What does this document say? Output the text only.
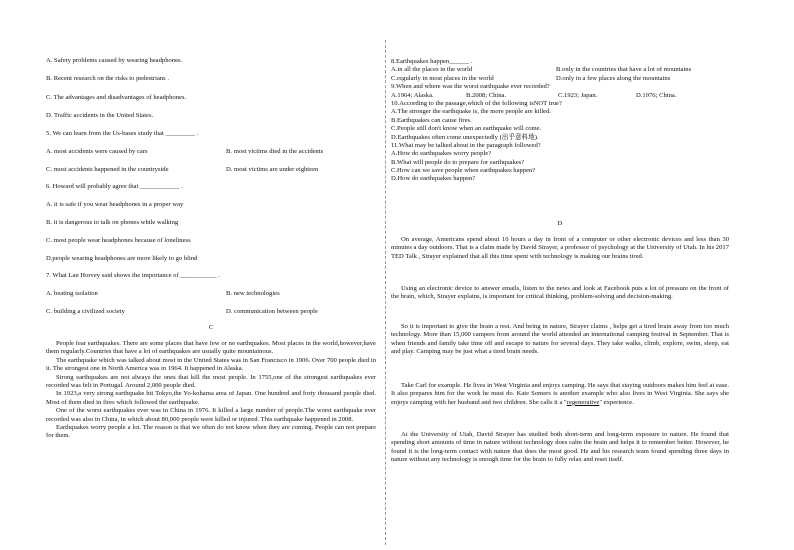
A. Safety problems caused by wearing headphones.
B. Recent research on the risks to pedestrians .
C. The advantages and disadvantages of headphones.
D. Traffic accidents in the United States.
5. We can learn from the Us-bases study that _________ .
A. most accidents were caused by cars	B. most victims died in the accidents
C. most accidents happened in the countryside	D. most victims are under eighteen
6. Howard will probably agree that ____________ .
A. it is safe if you wear headphones in a proper way
B. it is dangerous to talk on phones while walking
C. most people wear headphones because of loneliness
D.people wearing headphones are more likely to go blind
7. What Lan Horvey said shows the importance of ___________ .
A. beating isolation	B. new technologies
C. building a civilized society	D. communication between people
C
People fear earthquakes. There are some places that have few or no earthquakes. Most places in the world,however,have them regularly.Countries that have a lot of earthquakes are usually quite mountainous.
The earthquake which was talked about most in the United States was in San Francisco in 1906. Over 700 people died in it. The strongest one in North America was in 1964. It happened in Alaska.
Strong earthquakes are not always the ones that kill the most people. In 1755,one of the strongest earthquakes ever recorded was felt in Portugal. Around 2,000 people died.
In 1923,a very strong earthquake hit Tokyo,the Yo-kohama area of Japan. One hundred and forty thousand people died. Most of them died in fires which followed the earthquake.
One of the worst earthquakes ever was in China in 1976. It killed a large number of people.The worst earthquake ever recorded was also in China, in which about 80,000 people were killed or injured. This earthquake happened in 2008.
Earthquakes worry people a lot. The reason is that we often do not know when they are coming. People can not prepare for them.
8.Earthquakes happen______ .
A.in all the places in the world	B.only in the countries that have a lot of mountains
C.regularly in most places in the world	D.only in a few places along the mountains
9.When and where was the worst earthquake ever recorded?
A.1964; Alaska.	B.2008; China.	C.1923; Japan.	D.1976; China.
10.According to the passage,which of the following isNOT true?
A.The stronger the earthquake is, the more people are killed.
B.Earthquakes can cause fires.
C.People still don't know when an earthquake will come.
D.Earthquakes often come unexpectedly (出乎意料地).
11.What may be talked about in the paragraph followed?
A.How do earthquakes worry people?
B.What will people do to prepare for earthquakes?
C.How can we save people when earthquakes happen?
D.How do earthquakes happen?
D
On average, Americans spend about 10 hours a day in front of a computer or other electronic devices and less than 30 minutes a day outdoors. That is a claim made by David Strayer, a professor of psychology at the University of Utah. In his 2017 TED Talk , Strayer explained that all this time spent with technology is making our brains tired.
Using an electronic device to answer emails, listen to the news and look at Facebook puts a lot of pressure on the front of the brain, which, Strayer explains, is important for critical thinking, problem-solving and decision-making.
So it is important to give the brain a rest. And being in nature, Strayer claims , helps get a tired brain away from too much technology. More than 15,000 campers from around the world attended an international camping festival in September. That is when friends and family take time off and escape to nature for several days. They take walks, climb, explore, swim, sleep, eat and play. Camping may be just what a tired brain needs.
Take Carl for example. He lives in West Virginia and enjoys camping. He says that staying outdoors makes him feel at ease. It also prepares him for the work he must do. Kate Somers is another example who also lives in West Virginia. She says she enjoys camping with her husband and two children. She calls it a "regenerative" experience.
At the University of Utah, David Strayer has studied both short-term and long-term exposure to nature. He found that spending short amounts of time in nature without technology does calm the brain and helps it to remember better. However, he found it is the long-term contact with nature that does the most good. He and his research team found spending three days in nature without any technology is enough time for the brain to fully relax and reset itself.
